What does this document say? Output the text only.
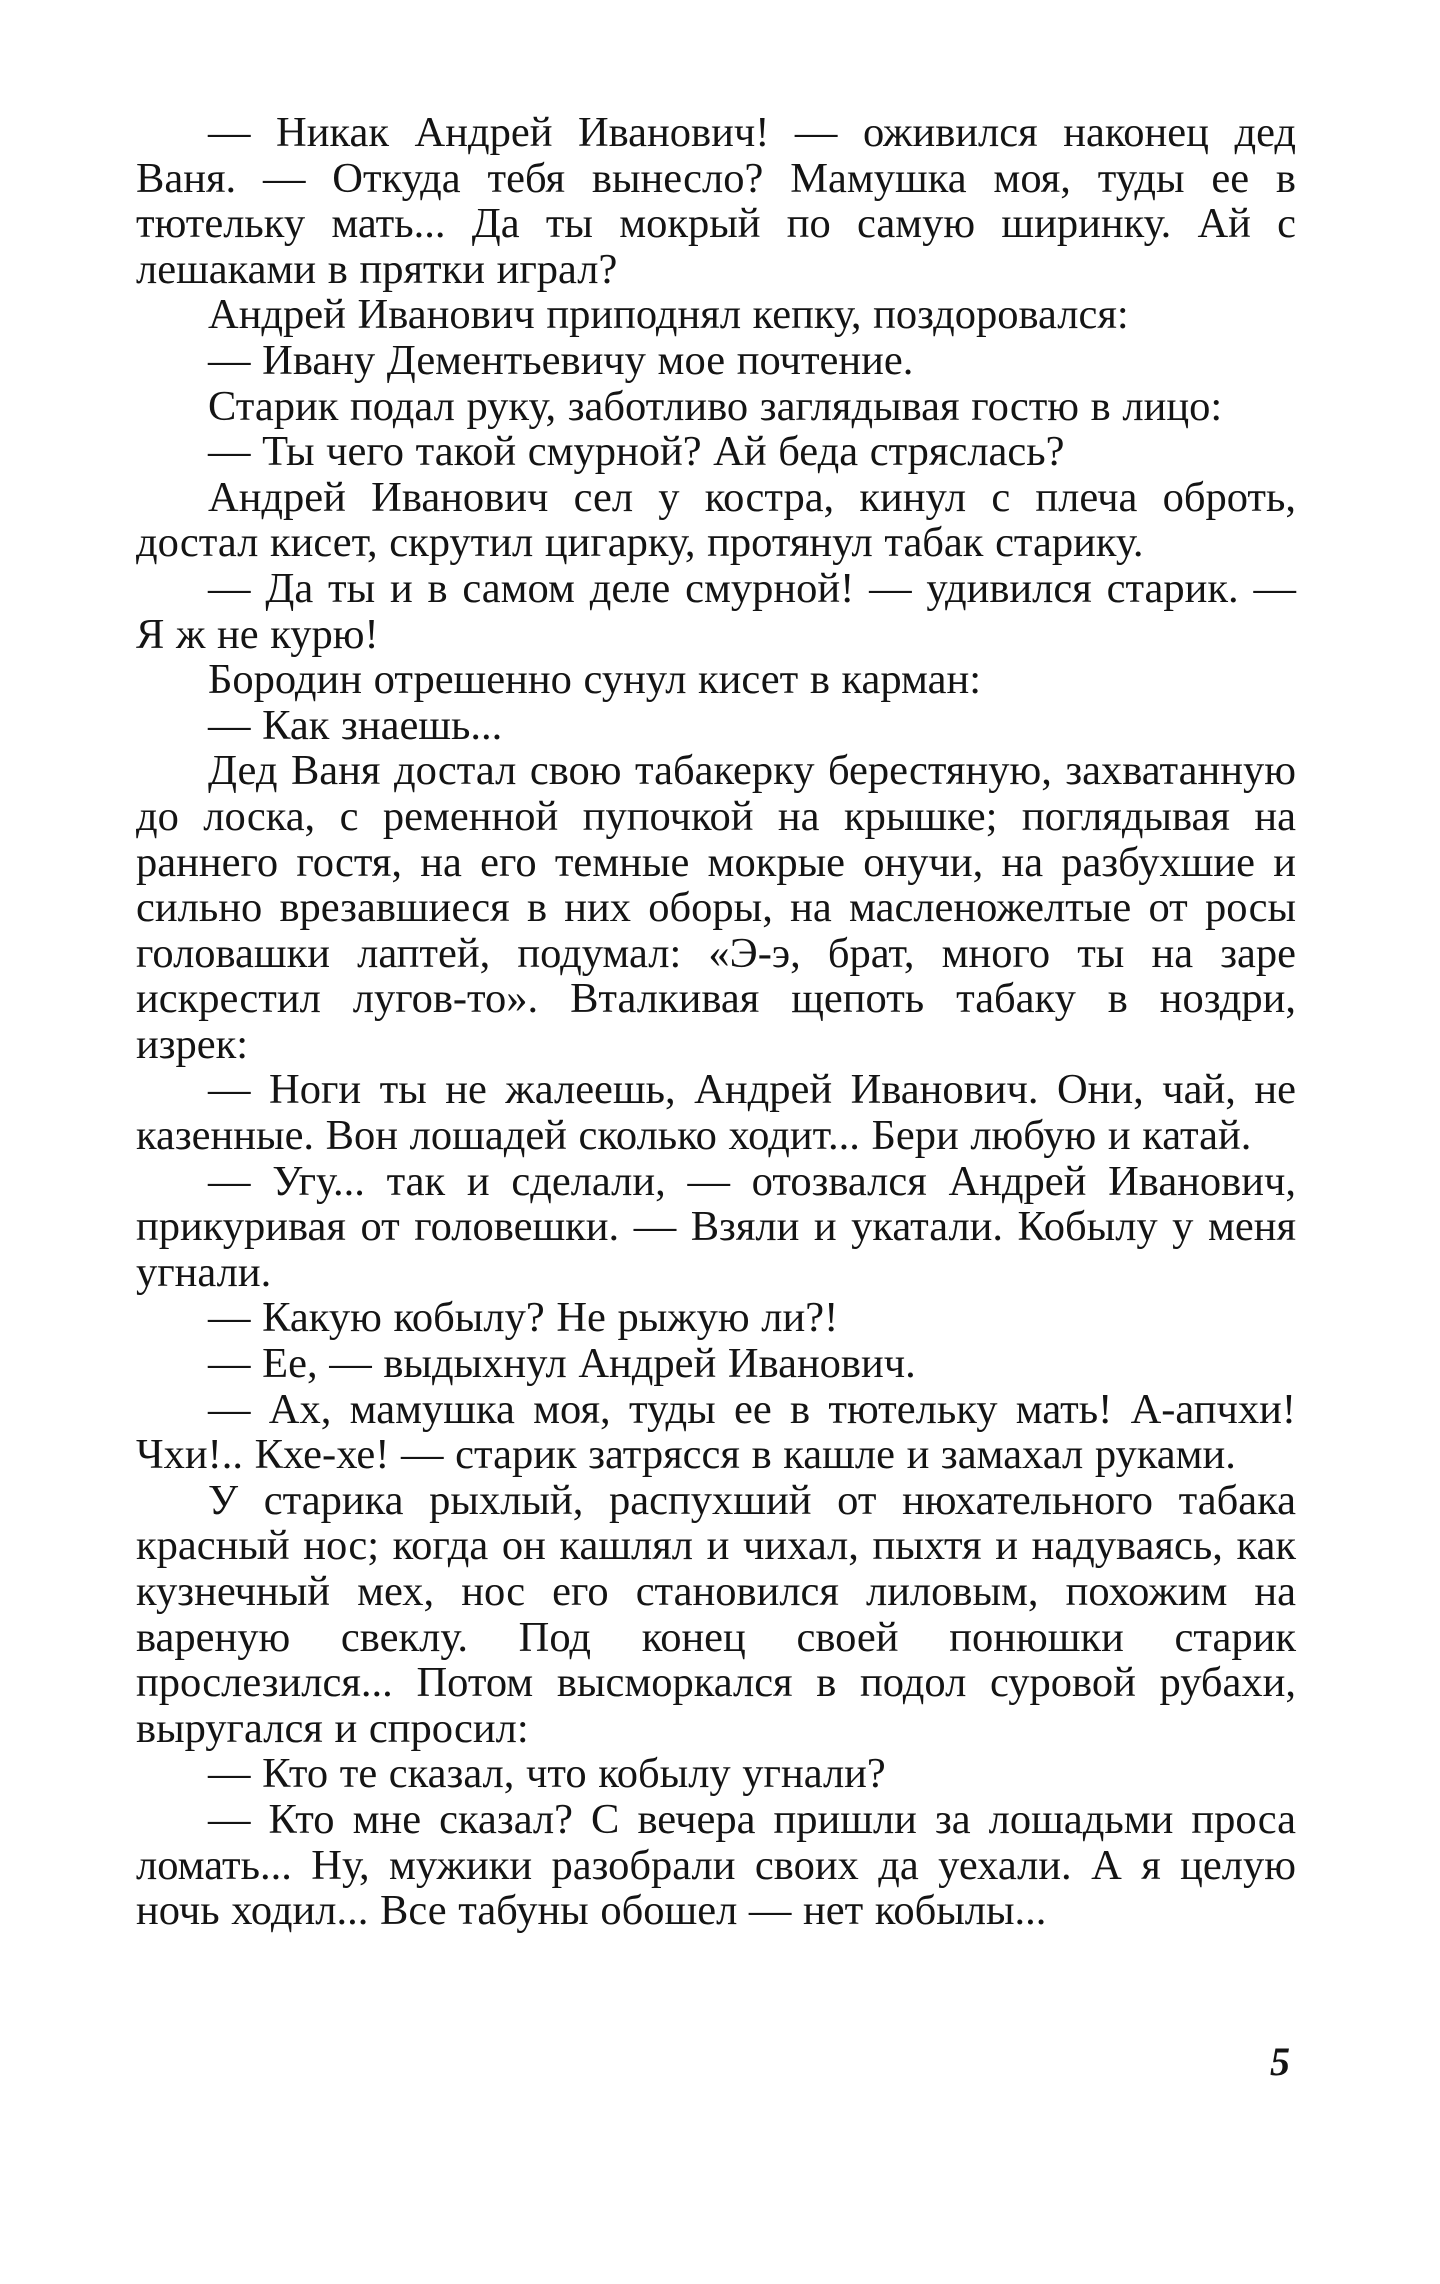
— Никак Андрей Иванович! — оживился наконец дед Ваня. — Откуда тебя вынесло? Мамушка моя, туды ее в тютельку мать... Да ты мокрый по самую ширинку. Ай с лешаками в прятки играл?

Андрей Иванович приподнял кепку, поздоровался:

— Ивану Дементьевичу мое почтение.

Старик подал руку, заботливо заглядывая гостю в лицо:

— Ты чего такой смурной? Ай беда стряслась?

Андрей Иванович сел у костра, кинул с плеча оброть, достал кисет, скрутил цигарку, протянул табак старику.

— Да ты и в самом деле смурной! — удивился старик. — Я ж не курю!

Бородин отрешенно сунул кисет в карман:

— Как знаешь...

Дед Ваня достал свою табакерку берестяную, захватанную до лоска, с ременной пупочкой на крышке; поглядывая на раннего гостя, на его темные мокрые онучи, на разбухшие и сильно врезавшиеся в них оборы, на масленожелтые от росы головашки лаптей, подумал: «Э-э, брат, много ты на заре искрестил лугов-то». Вталкивая щепоть табаку в ноздри, изрек:

— Ноги ты не жалеешь, Андрей Иванович. Они, чай, не казенные. Вон лошадей сколько ходит... Бери любую и катай.

— Угу... так и сделали, — отозвался Андрей Иванович, прикуривая от головешки. — Взяли и укатали. Кобылу у меня угнали.

— Какую кобылу? Не рыжую ли?!

— Ее, — выдыхнул Андрей Иванович.

— Ах, мамушка моя, туды ее в тютельку мать! А-апчхи! Чхи!.. Кхе-хе! — старик затрясся в кашле и замахал руками.

У старика рыхлый, распухший от нюхательного табака красный нос; когда он кашлял и чихал, пыхтя и надуваясь, как кузнечный мех, нос его становился лиловым, похожим на вареную свеклу. Под конец своей понюшки старик прослезился... Потом высморкался в подол суровой рубахи, выругался и спросил:

— Кто те сказал, что кобылу угнали?

— Кто мне сказал? С вечера пришли за лошадьми проса ломать... Ну, мужики разобрали своих да уехали. А я целую ночь ходил... Все табуны обошел — нет кобылы...

5
